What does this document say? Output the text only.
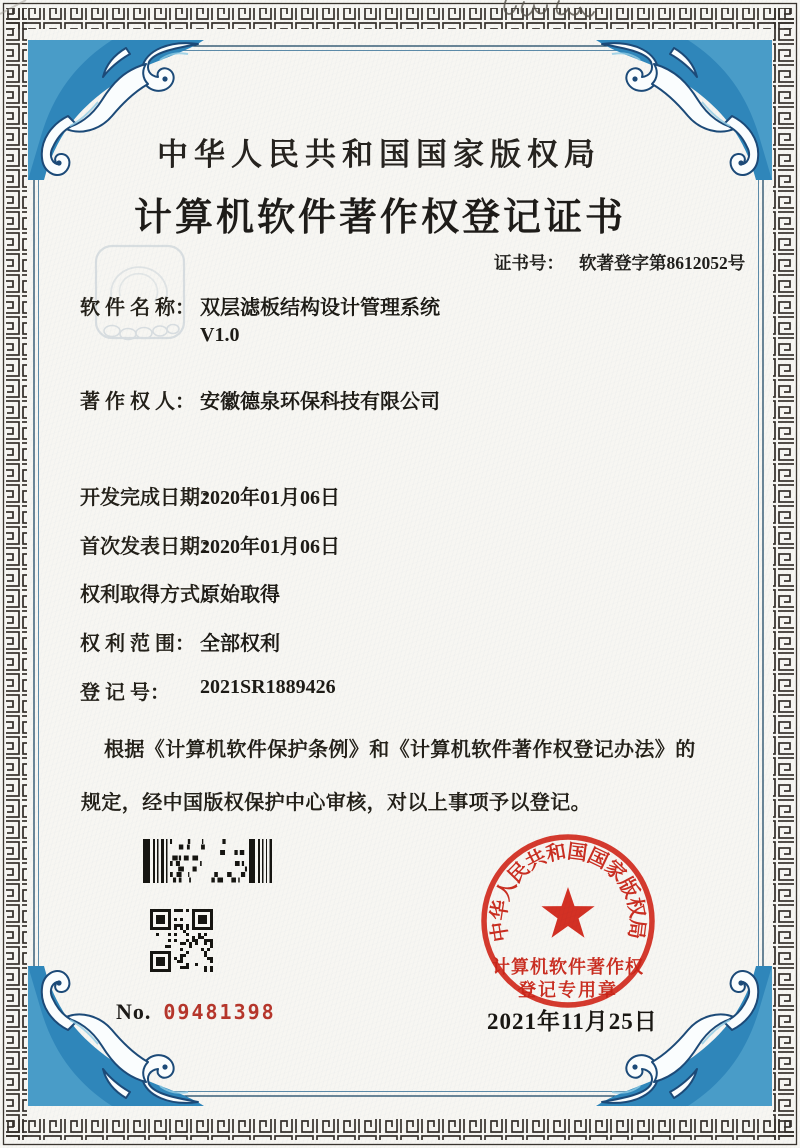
中华人民共和国国家版权局
计算机软件著作权登记证书
证书号： 软著登字第8612052号
软 件 名 称： 双层滤板结构设计管理系统
V1.0
著 作 权 人： 安徽德泉环保科技有限公司
开发完成日期：
2020年01月06日
首次发表日期：
2020年01月06日
权利取得方式：
原始取得
权 利 范 围： 全部权利
登 记 号： 2021SR1889426
根据《计算机软件保护条例》和《计算机软件著作权登记办法》的
规定，经中国版权保护中心审核，对以上事项予以登记。
No. 09481398	2021年11月25日
中华人民共和国国家版权局
计算机软件著作权
登记专用章
